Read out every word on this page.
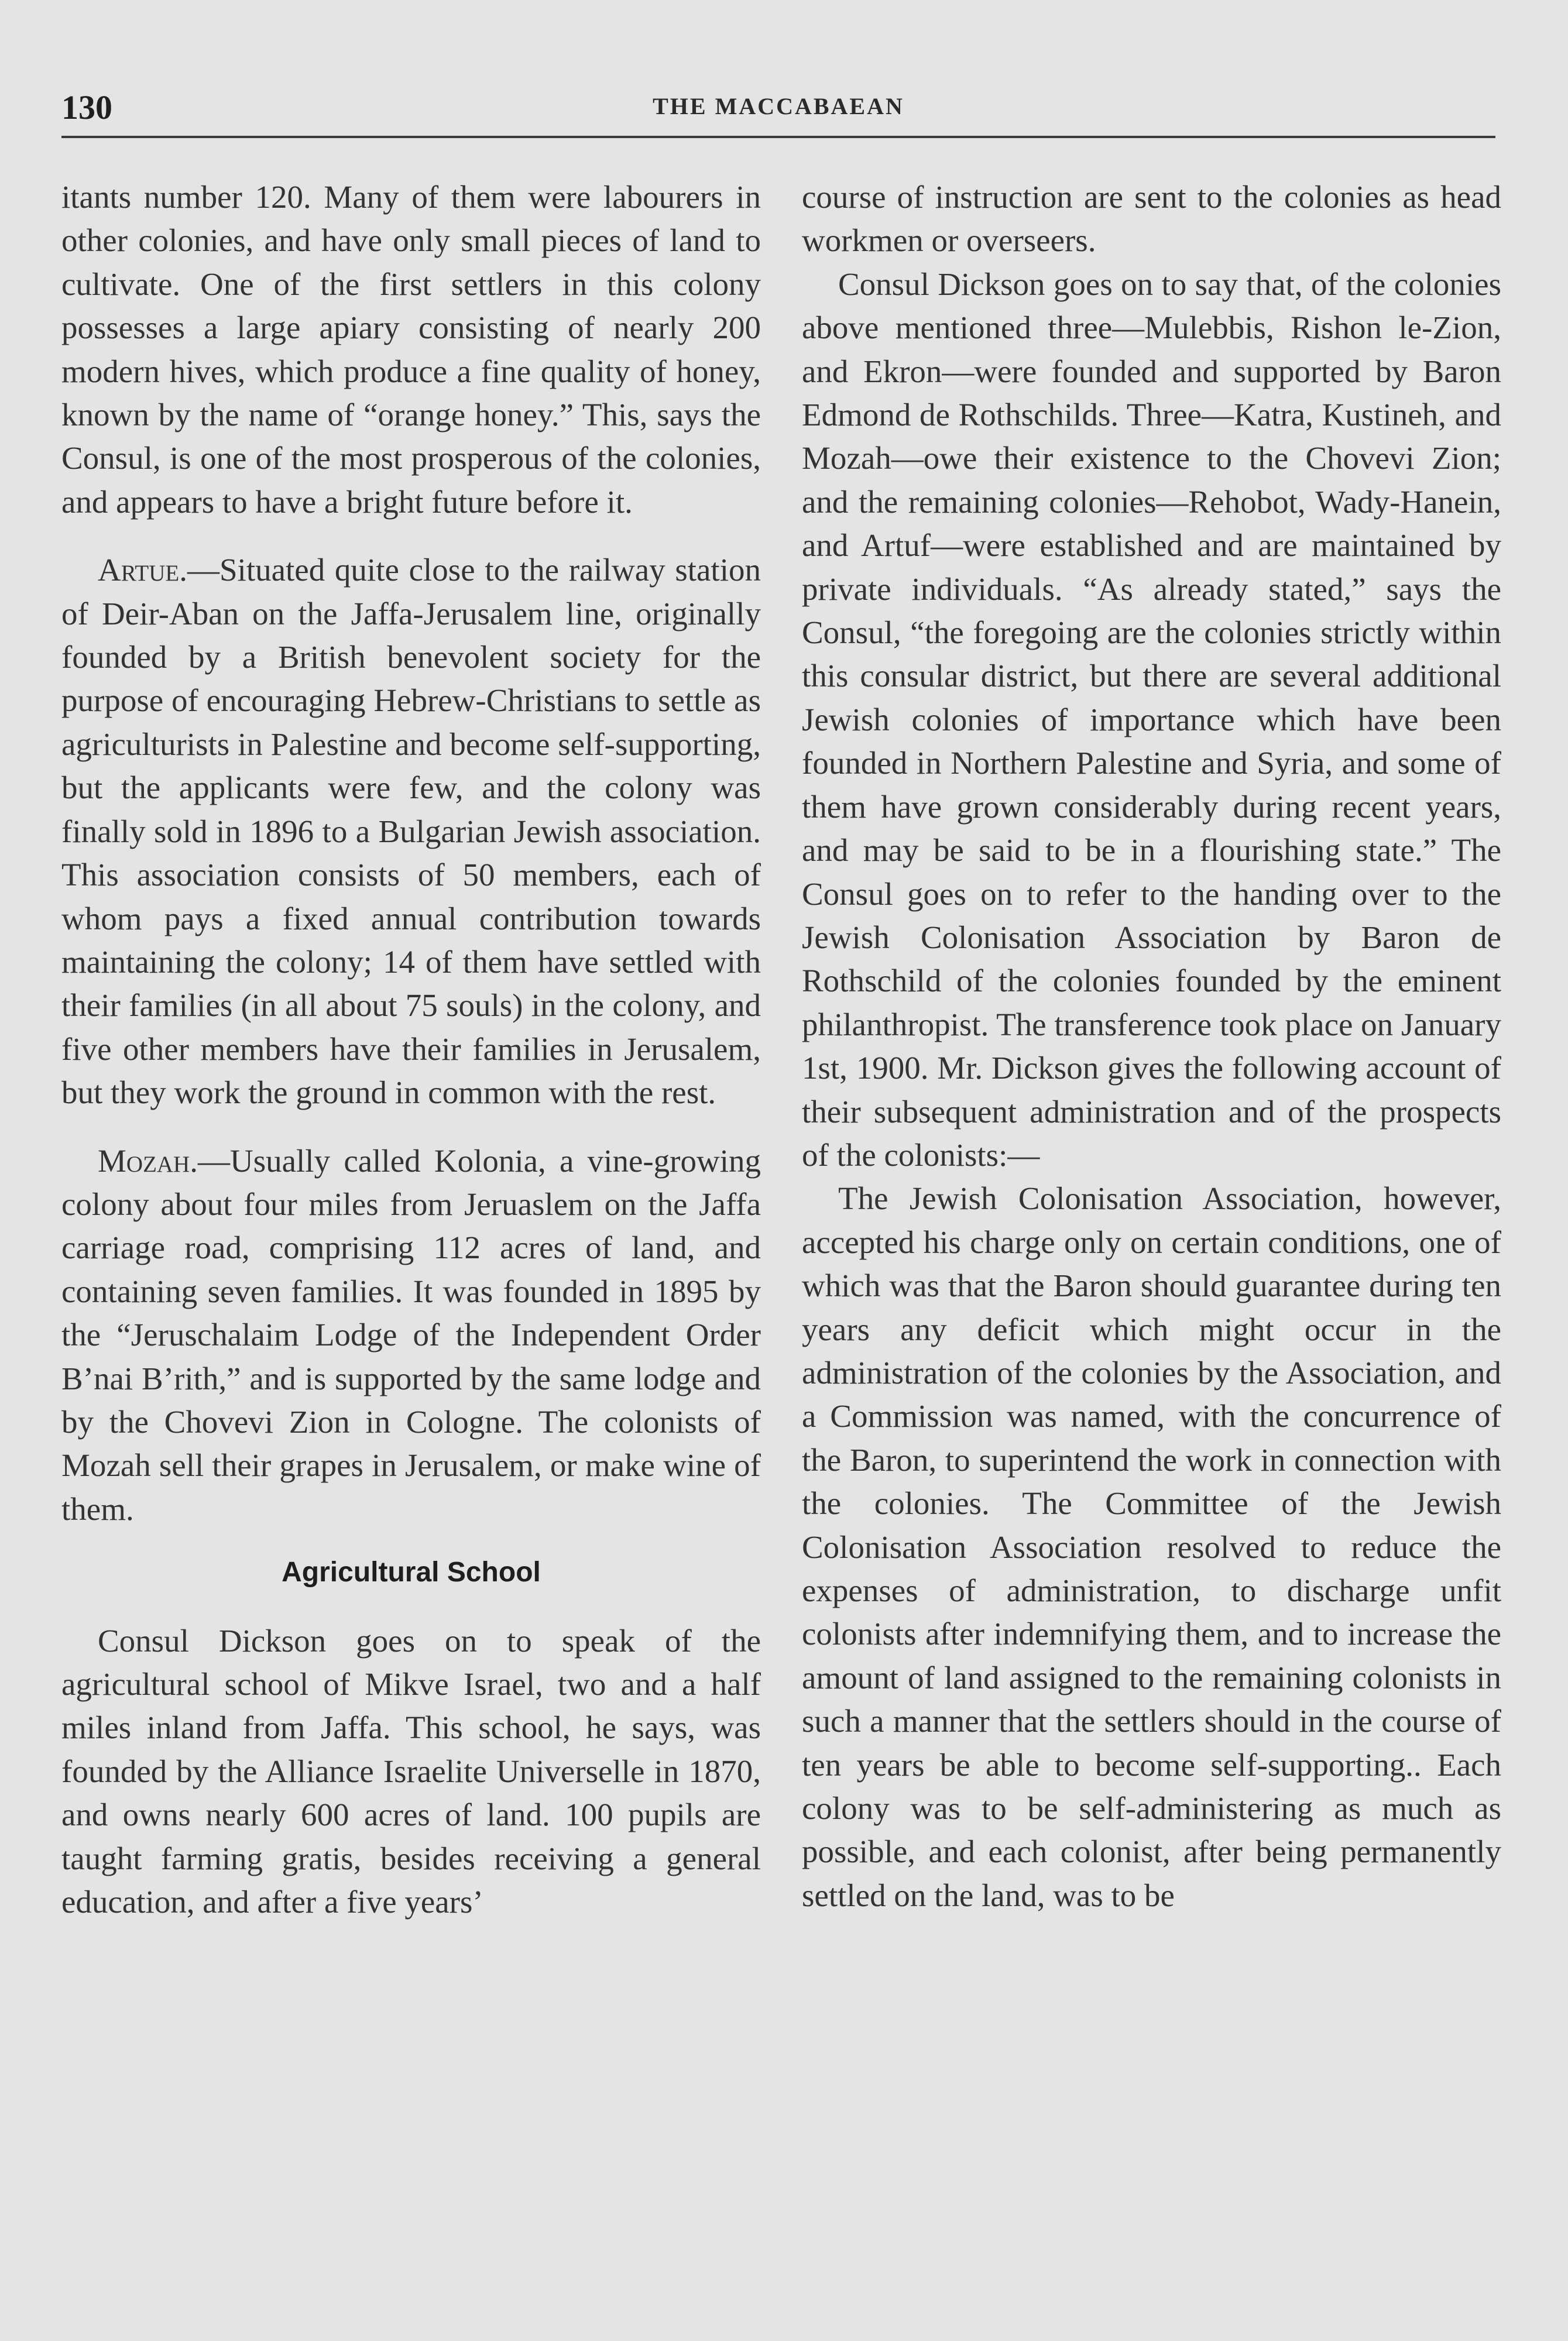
130	THE MACCABAEAN

itants number 120. Many of them were labourers in other colonies, and have only small pieces of land to cultivate. One of the first settlers in this colony possesses a large apiary consisting of nearly 200 modern hives, which produce a fine quality of honey, known by the name of “orange honey.” This, says the Consul, is one of the most prosperous of the colonies, and appears to have a bright future before it.

Artue.—Situated quite close to the railway station of Deir-Aban on the Jaffa-Jerusalem line, originally founded by a British benevolent society for the purpose of encouraging Hebrew-Christians to settle as agriculturists in Palestine and become self-supporting, but the applicants were few, and the colony was finally sold in 1896 to a Bulgarian Jewish association. This association consists of 50 members, each of whom pays a fixed annual contribution towards maintaining the colony; 14 of them have settled with their families (in all about 75 souls) in the colony, and five other members have their families in Jerusalem, but they work the ground in common with the rest.

Mozah.—Usually called Kolonia, a vine-growing colony about four miles from Jeruaslem on the Jaffa carriage road, comprising 112 acres of land, and containing seven families. It was founded in 1895 by the “Jeruschalaim Lodge of the Independent Order B’nai B’rith,” and is supported by the same lodge and by the Chovevi Zion in Cologne. The colonists of Mozah sell their grapes in Jerusalem, or make wine of them.

Agricultural School

Consul Dickson goes on to speak of the agricultural school of Mikve Israel, two and a half miles inland from Jaffa. This school, he says, was founded by the Alliance Israelite Universelle in 1870, and owns nearly 600 acres of land. 100 pupils are taught farming gratis, besides receiving a general education, and after a five years’

course of instruction are sent to the colonies as head workmen or overseers.

Consul Dickson goes on to say that, of the colonies above mentioned three—Mulebbis, Rishon le-Zion, and Ekron—were founded and supported by Baron Edmond de Rothschilds. Three—Katra, Kustineh, and Mozah—owe their existence to the Chovevi Zion; and the remaining colonies—Rehobot, Wady-Hanein, and Artuf—were established and are maintained by private individuals. “As already stated,” says the Consul, “the foregoing are the colonies strictly within this consular district, but there are several additional Jewish colonies of importance which have been founded in Northern Palestine and Syria, and some of them have grown considerably during recent years, and may be said to be in a flourishing state.” The Consul goes on to refer to the handing over to the Jewish Colonisation Association by Baron de Rothschild of the colonies founded by the eminent philanthropist. The transference took place on January 1st, 1900. Mr. Dickson gives the following account of their subsequent administration and of the prospects of the colonists:—

The Jewish Colonisation Association, however, accepted his charge only on certain conditions, one of which was that the Baron should guarantee during ten years any deficit which might occur in the administration of the colonies by the Association, and a Commission was named, with the concurrence of the Baron, to superintend the work in connection with the colonies. The Committee of the Jewish Colonisation Association resolved to reduce the expenses of administration, to discharge unfit colonists after indemnifying them, and to increase the amount of land assigned to the remaining colonists in such a manner that the settlers should in the course of ten years be able to become self-supporting.. Each colony was to be self-administering as much as possible, and each colonist, after being permanently settled on the land, was to be
